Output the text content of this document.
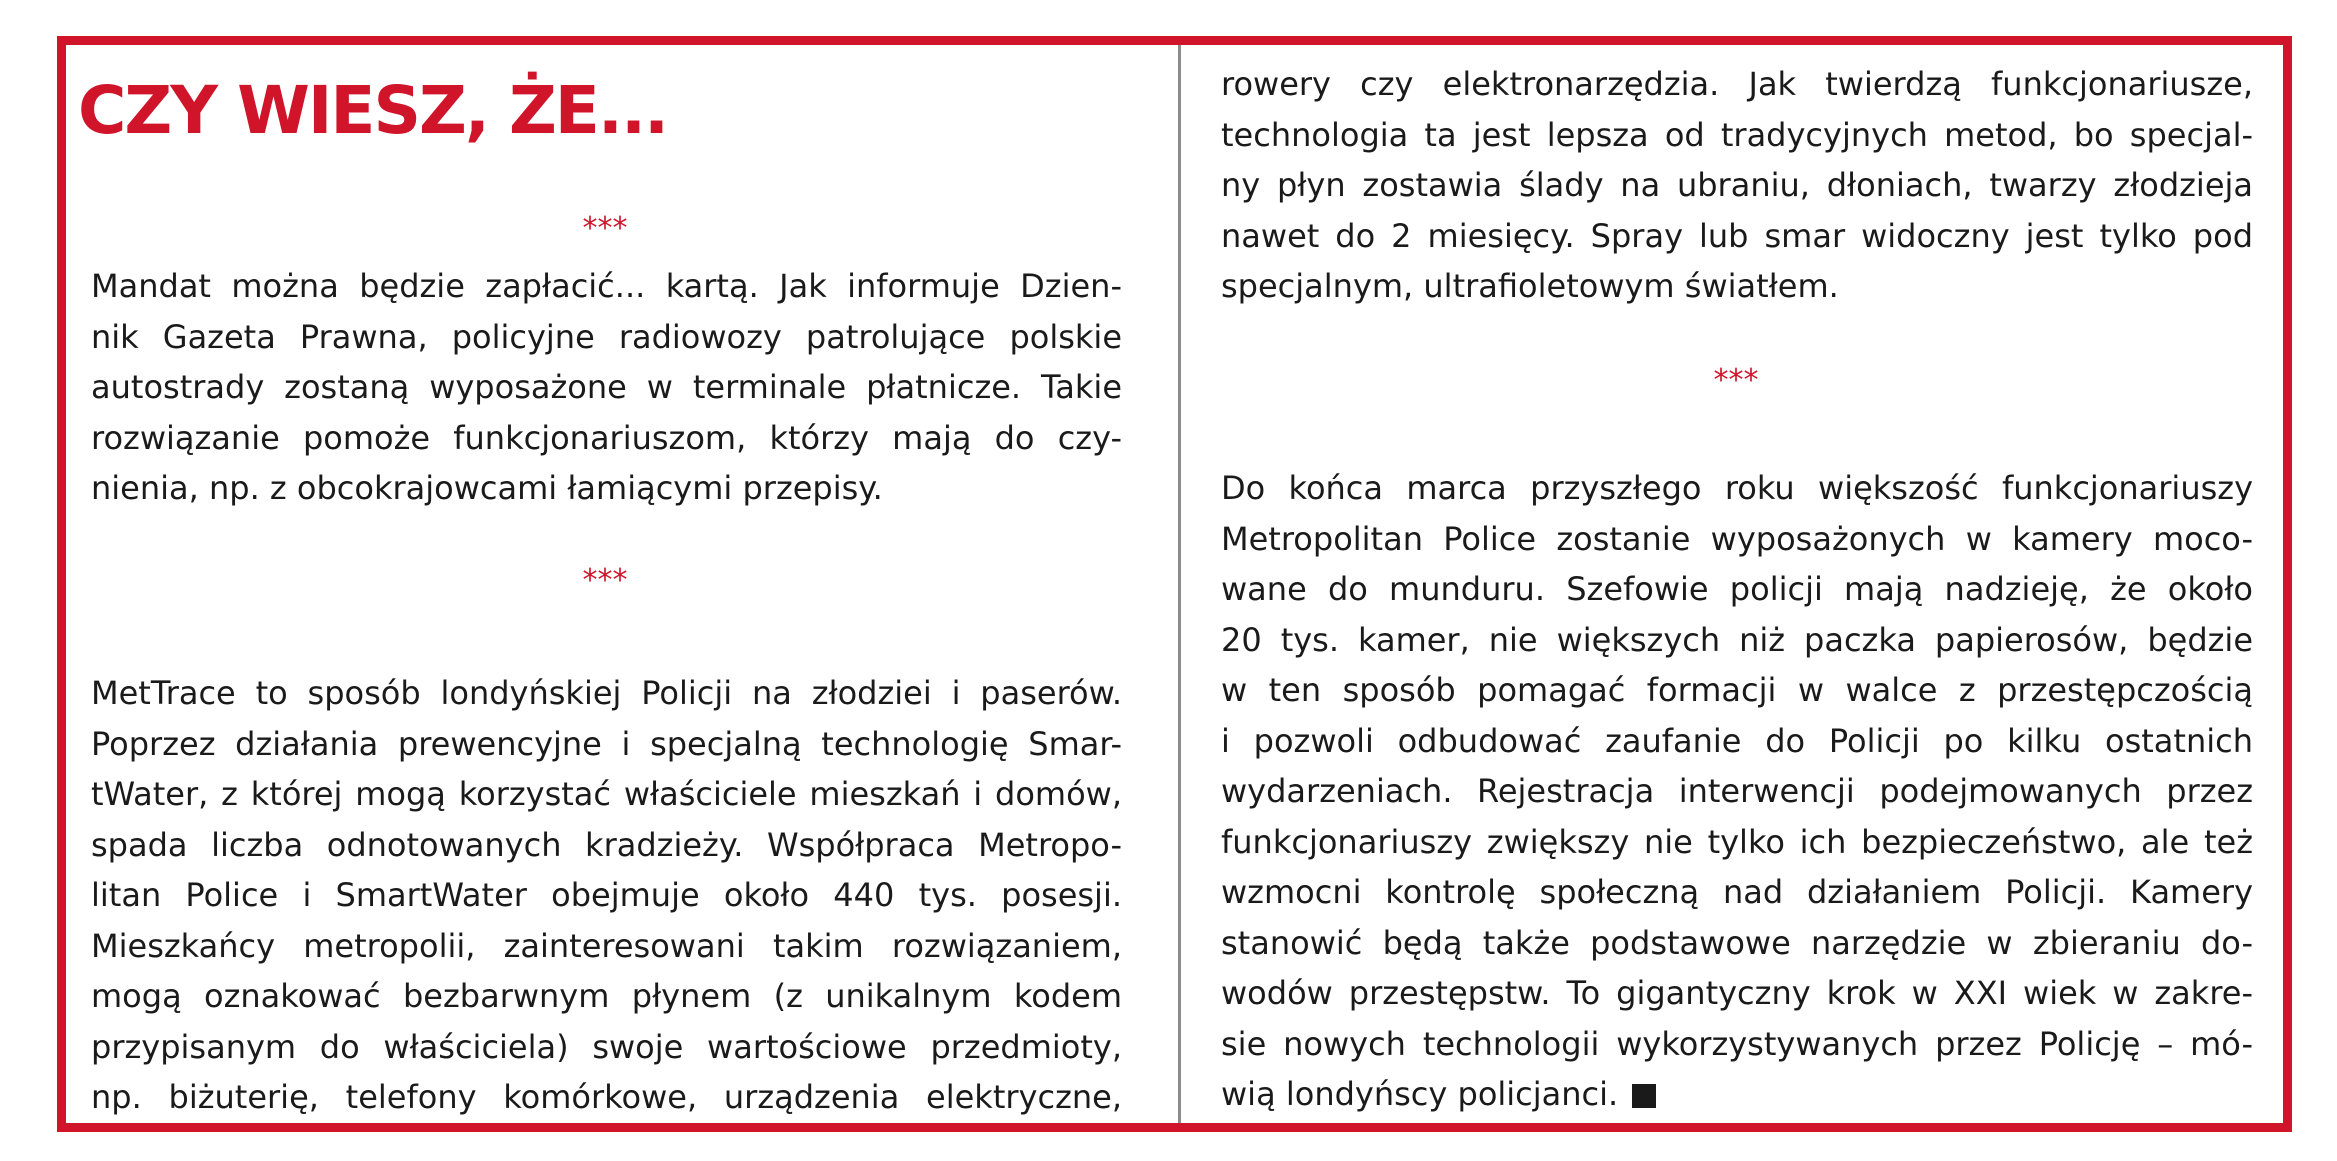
CZY WIESZ, ŻE...
***
Mandat można będzie zapłacić... kartą. Jak informuje Dzien-
nik Gazeta Prawna, policyjne radiowozy patrolujące polskie
autostrady zostaną wyposażone w terminale płatnicze. Takie
rozwiązanie pomoże funkcjonariuszom, którzy mają do czy-
nienia, np. z obcokrajowcami łamiącymi przepisy.
***
MetTrace to sposób londyńskiej Policji na złodziei i paserów.
Poprzez działania prewencyjne i specjalną technologię Smar-
tWater, z której mogą korzystać właściciele mieszkań i domów,
spada liczba odnotowanych kradzieży. Współpraca Metropo-
litan Police i SmartWater obejmuje około 440 tys. posesji.
Mieszkańcy metropolii, zainteresowani takim rozwiązaniem,
mogą oznakować bezbarwnym płynem (z unikalnym kodem
przypisanym do właściciela) swoje wartościowe przedmioty,
np. biżuterię, telefony komórkowe, urządzenia elektryczne,
rowery czy elektronarzędzia. Jak twierdzą funkcjonariusze,
technologia ta jest lepsza od tradycyjnych metod, bo specjal-
ny płyn zostawia ślady na ubraniu, dłoniach, twarzy złodzieja
nawet do 2 miesięcy. Spray lub smar widoczny jest tylko pod
specjalnym, ultrafioletowym światłem.
***
Do końca marca przyszłego roku większość funkcjonariuszy
Metropolitan Police zostanie wyposażonych w kamery moco-
wane do munduru. Szefowie policji mają nadzieję, że około
20 tys. kamer, nie większych niż paczka papierosów, będzie
w ten sposób pomagać formacji w walce z przestępczością
i pozwoli odbudować zaufanie do Policji po kilku ostatnich
wydarzeniach. Rejestracja interwencji podejmowanych przez
funkcjonariuszy zwiększy nie tylko ich bezpieczeństwo, ale też
wzmocni kontrolę społeczną nad działaniem Policji. Kamery
stanowić będą także podstawowe narzędzie w zbieraniu do-
wodów przestępstw. To gigantyczny krok w XXI wiek w zakre-
sie nowych technologii wykorzystywanych przez Policję – mó-
wią londyńscy policjanci.
